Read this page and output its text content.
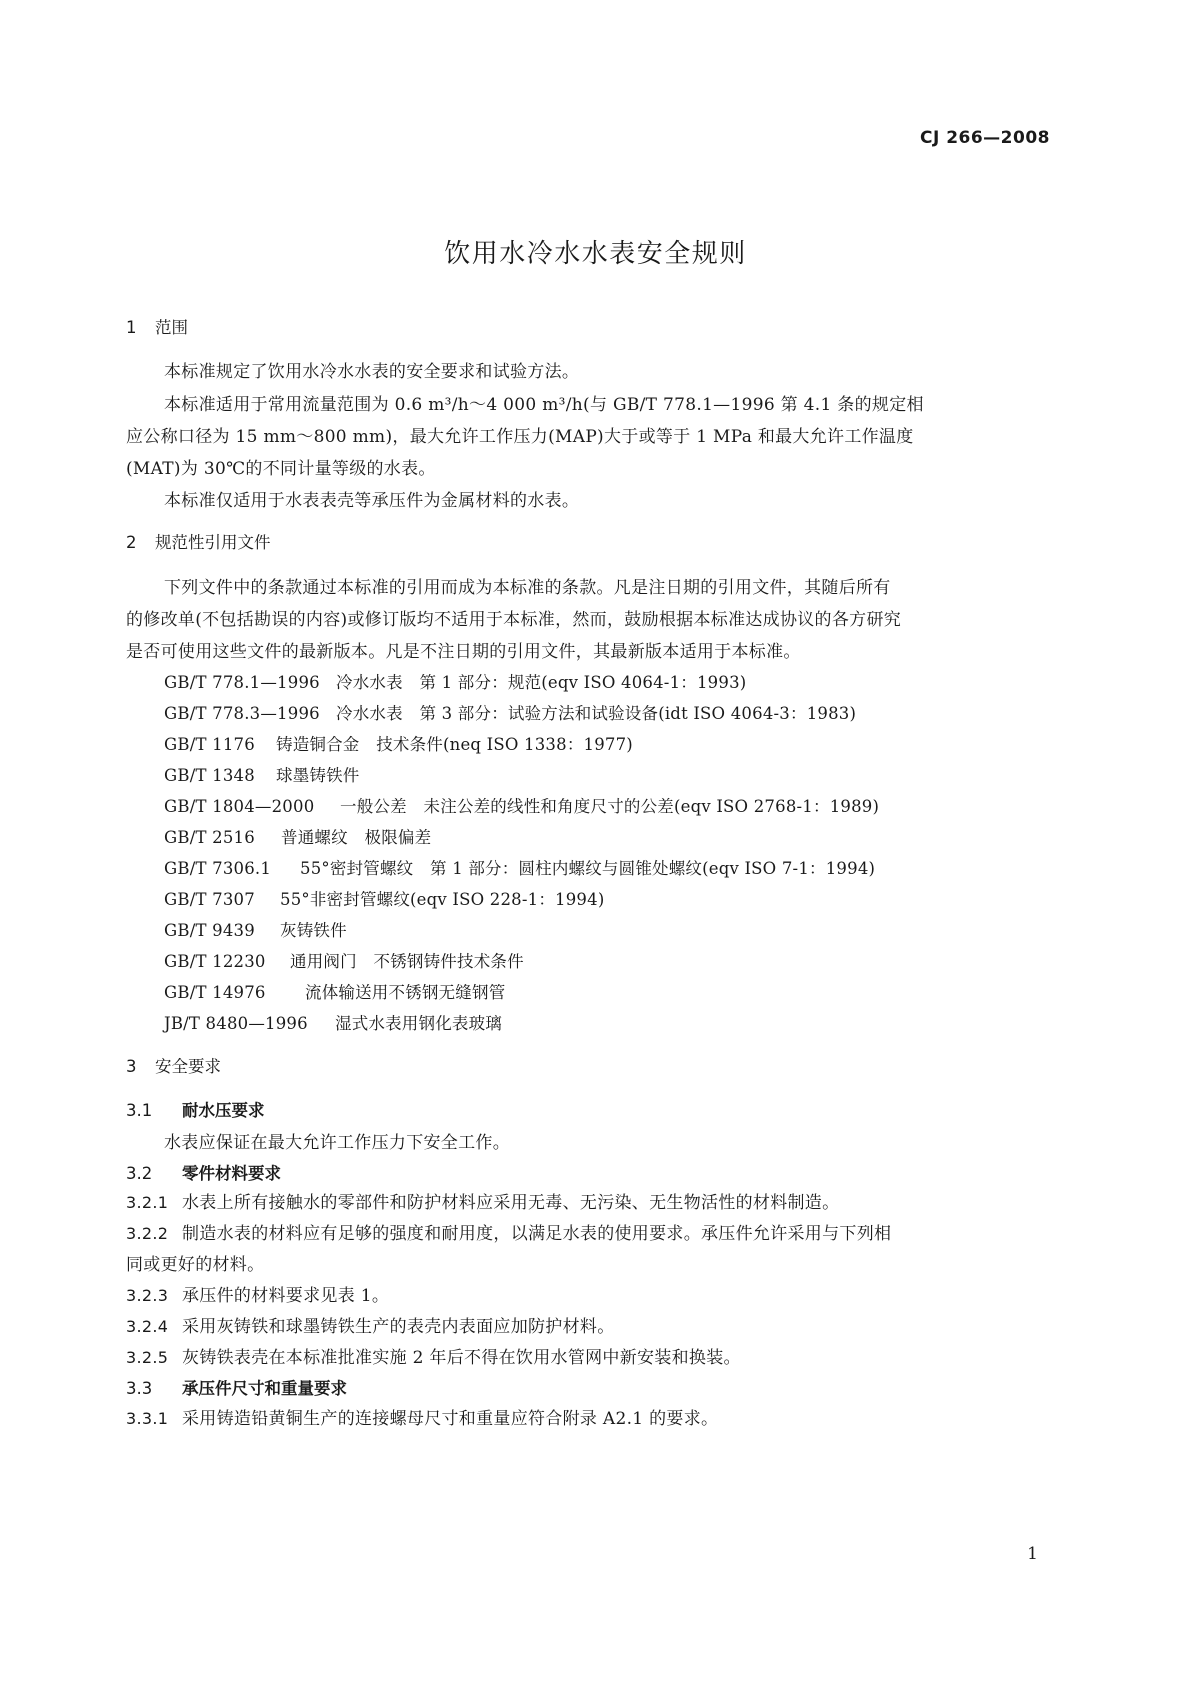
CJ 266—2008
饮用水冷水水表安全规则
1 范围
本标准规定了饮用水冷水水表的安全要求和试验方法。
本标准适用于常用流量范围为 0.6 m³/h～4 000 m³/h(与 GB/T 778.1—1996 第 4.1 条的规定相
应公称口径为 15 mm～800 mm)，最大允许工作压力(MAP)大于或等于 1 MPa 和最大允许工作温度
(MAT)为 30℃的不同计量等级的水表。
本标准仅适用于水表表壳等承压件为金属材料的水表。
2 规范性引用文件
下列文件中的条款通过本标准的引用而成为本标准的条款。凡是注日期的引用文件，其随后所有
的修改单(不包括勘误的内容)或修订版均不适用于本标准，然而，鼓励根据本标准达成协议的各方研究
是否可使用这些文件的最新版本。凡是不注日期的引用文件，其最新版本适用于本标准。
GB/T 778.1—1996 冷水水表　第 1 部分：规范(eqv ISO 4064-1：1993)
GB/T 778.3—1996 冷水水表　第 3 部分：试验方法和试验设备(idt ISO 4064-3：1983)
GB/T 1176 铸造铜合金　技术条件(neq ISO 1338：1977)
GB/T 1348 球墨铸铁件
GB/T 1804—2000 一般公差　未注公差的线性和角度尺寸的公差(eqv ISO 2768-1：1989)
GB/T 2516 普通螺纹　极限偏差
GB/T 7306.1 55°密封管螺纹　第 1 部分：圆柱内螺纹与圆锥处螺纹(eqv ISO 7-1：1994)
GB/T 7307 55°非密封管螺纹(eqv ISO 228-1：1994)
GB/T 9439 灰铸铁件
GB/T 12230 通用阀门　不锈钢铸件技术条件
GB/T 14976 流体输送用不锈钢无缝钢管
JB/T 8480—1996 湿式水表用钢化表玻璃
3 安全要求
3.1 耐水压要求
水表应保证在最大允许工作压力下安全工作。
3.2 零件材料要求
3.2.1 水表上所有接触水的零部件和防护材料应采用无毒、无污染、无生物活性的材料制造。
3.2.2 制造水表的材料应有足够的强度和耐用度，以满足水表的使用要求。承压件允许采用与下列相
同或更好的材料。
3.2.3 承压件的材料要求见表 1。
3.2.4 采用灰铸铁和球墨铸铁生产的表壳内表面应加防护材料。
3.2.5 灰铸铁表壳在本标准批准实施 2 年后不得在饮用水管网中新安装和换装。
3.3 承压件尺寸和重量要求
3.3.1 采用铸造铅黄铜生产的连接螺母尺寸和重量应符合附录 A2.1 的要求。
1
